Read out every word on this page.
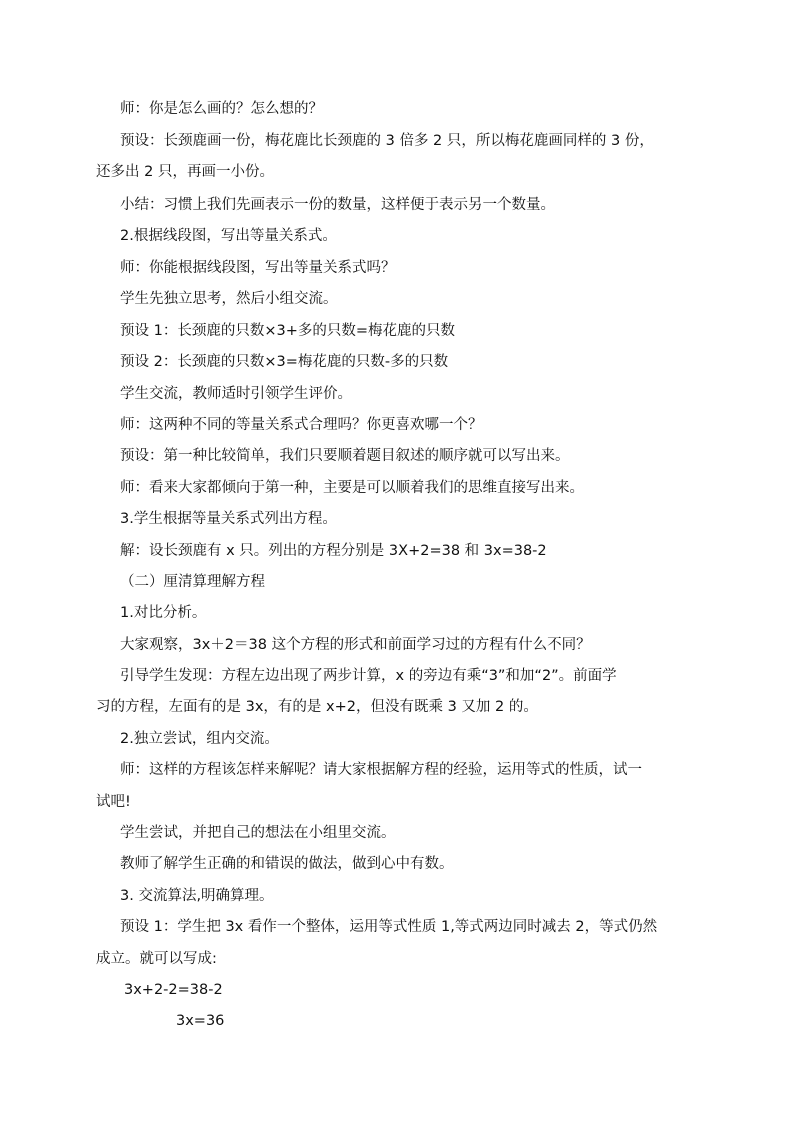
师：你是怎么画的？怎么想的？
预设：长颈鹿画一份，梅花鹿比长颈鹿的 3 倍多 2 只，所以梅花鹿画同样的 3 份，
还多出 2 只，再画一小份。
小结：习惯上我们先画表示一份的数量，这样便于表示另一个数量。
2.根据线段图，写出等量关系式。
师：你能根据线段图，写出等量关系式吗？
学生先独立思考，然后小组交流。
预设 1：长颈鹿的只数×3+多的只数=梅花鹿的只数
预设 2：长颈鹿的只数×3=梅花鹿的只数-多的只数
学生交流，教师适时引领学生评价。
师：这两种不同的等量关系式合理吗？你更喜欢哪一个？
预设：第一种比较简单，我们只要顺着题目叙述的顺序就可以写出来。
师：看来大家都倾向于第一种，主要是可以顺着我们的思维直接写出来。
3.学生根据等量关系式列出方程。
解：设长颈鹿有 x 只。列出的方程分别是 3X+2=38 和 3x=38-2
（二）厘清算理解方程
1.对比分析。
大家观察，3x＋2＝38 这个方程的形式和前面学习过的方程有什么不同？
引导学生发现：方程左边出现了两步计算，x 的旁边有乘“3”和加“2”。前面学
习的方程，左面有的是 3x，有的是 x+2，但没有既乘 3 又加 2 的。
2.独立尝试，组内交流。
师：这样的方程该怎样来解呢？请大家根据解方程的经验，运用等式的性质，试一
试吧!
学生尝试，并把自己的想法在小组里交流。
教师了解学生正确的和错误的做法，做到心中有数。
3. 交流算法,明确算理。
预设 1：学生把 3x 看作一个整体，运用等式性质 1,等式两边同时减去 2，等式仍然
成立。就可以写成:
3x+2-2=38-2
3x=36
